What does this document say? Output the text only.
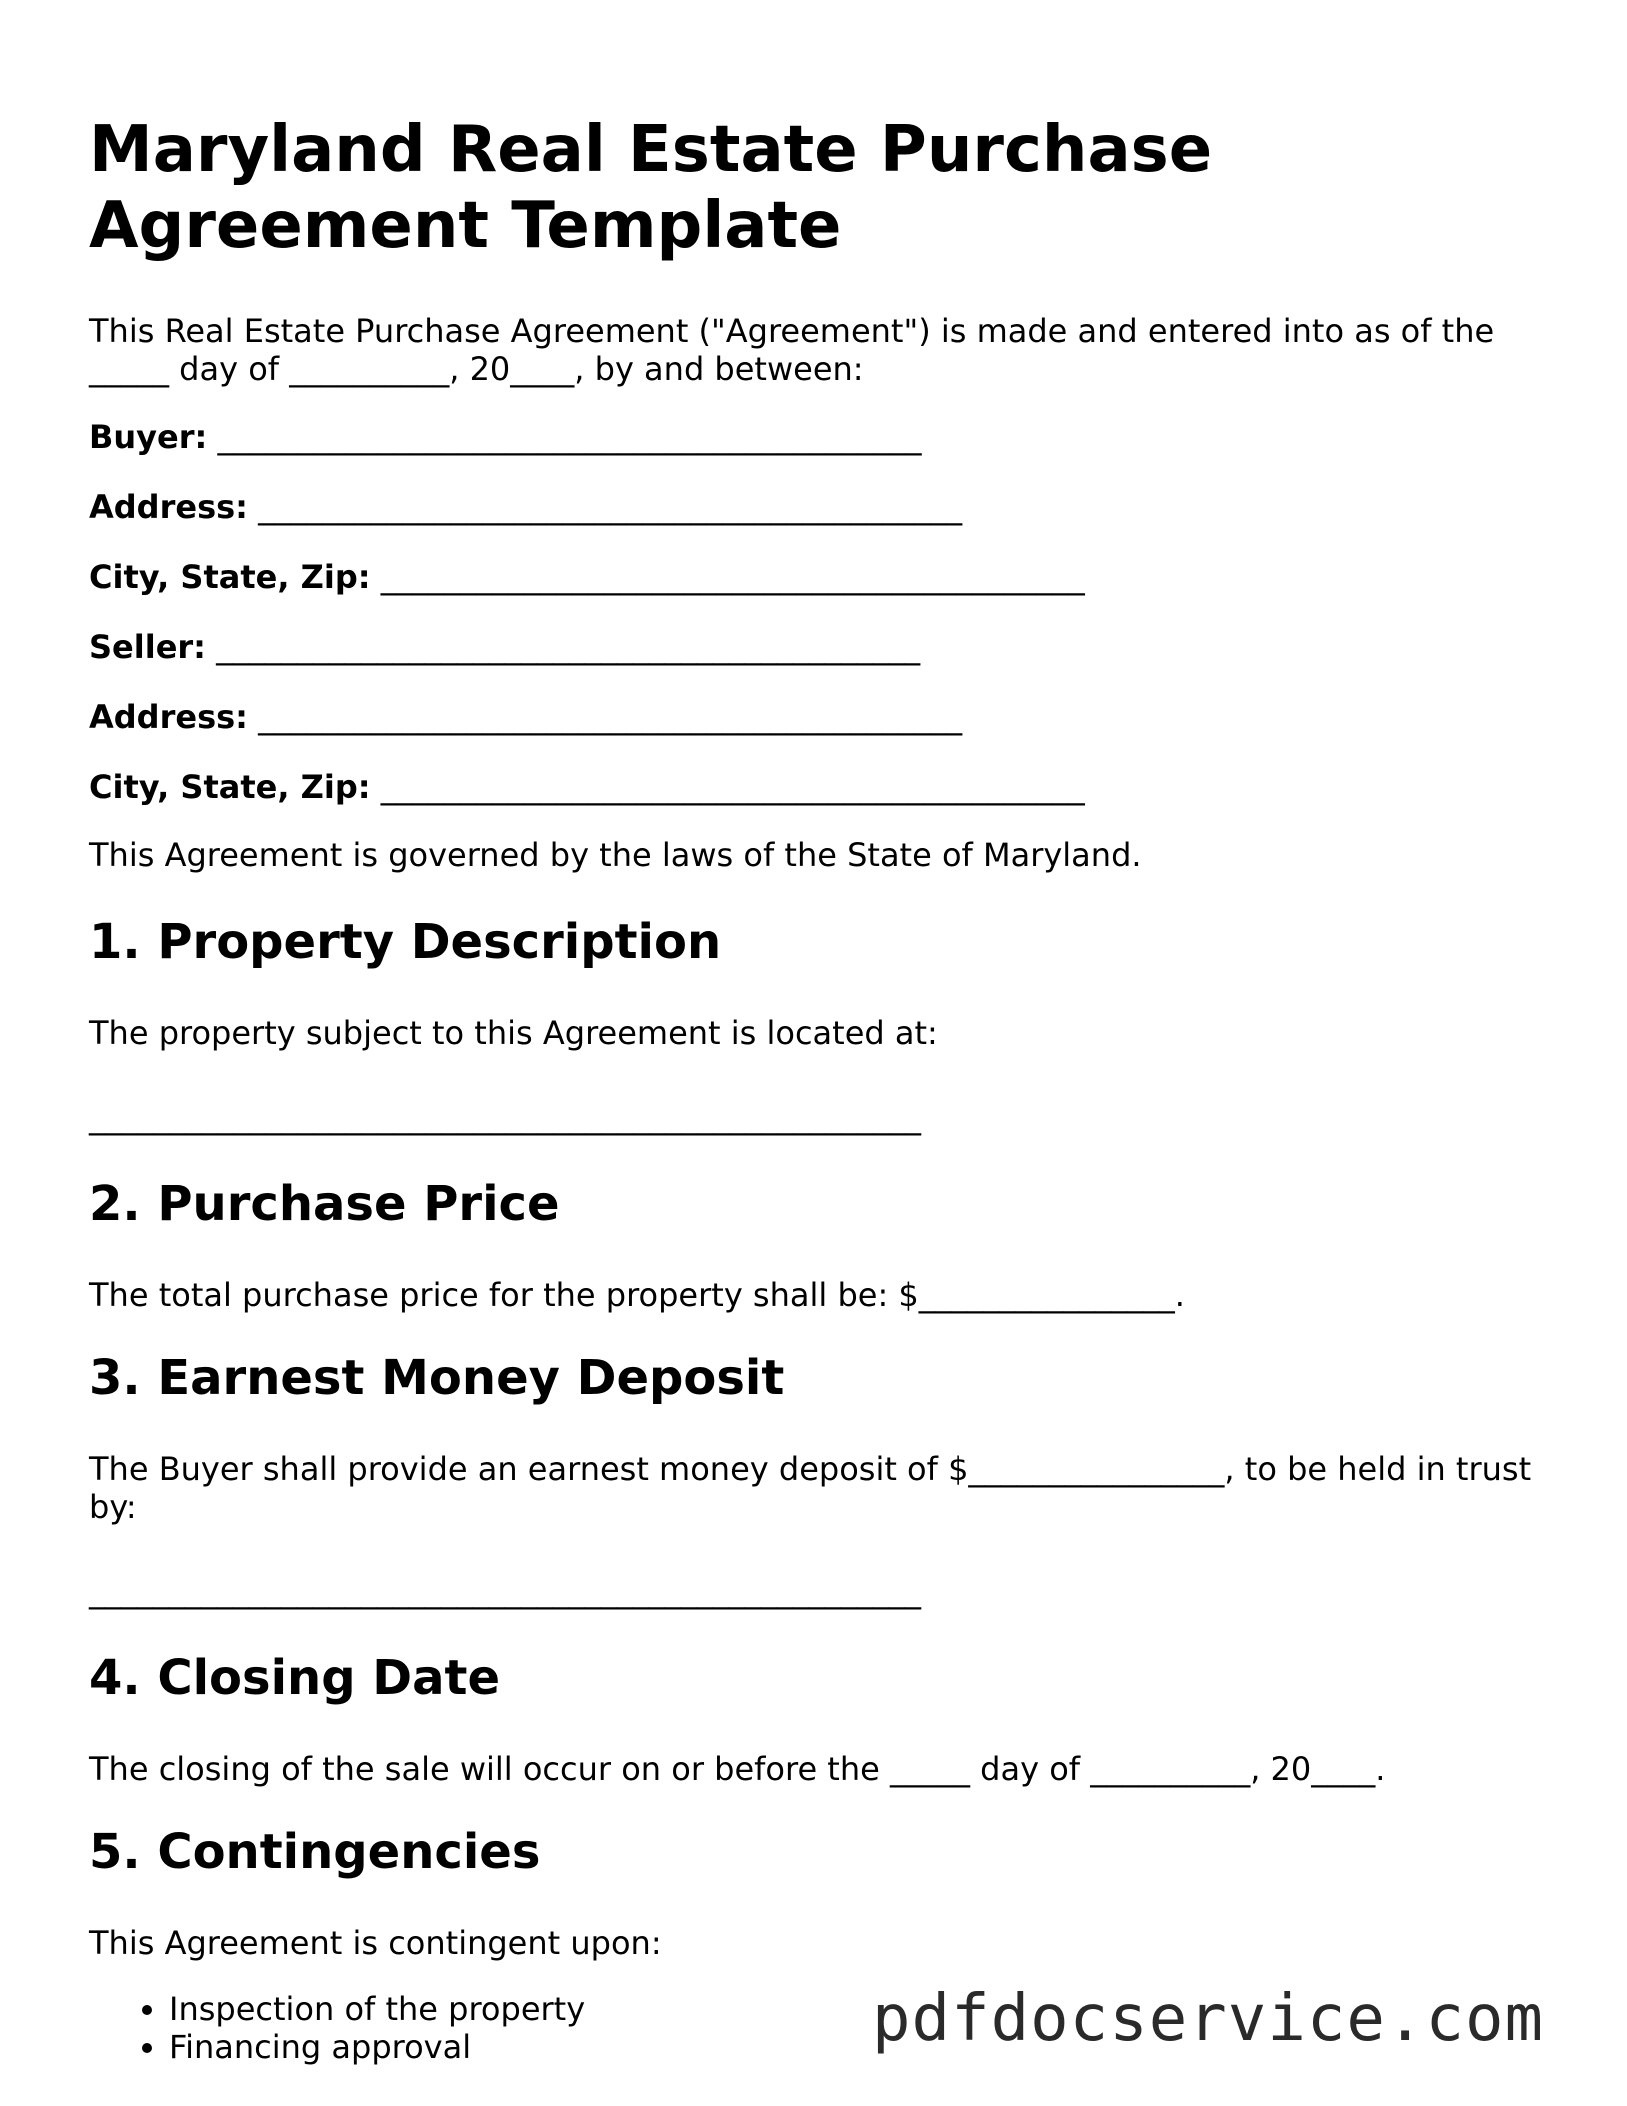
Maryland Real Estate Purchase Agreement Template

This Real Estate Purchase Agreement ("Agreement") is made and entered into as of the _____ day of __________, 20____, by and between:

Buyer: ____________________________________________
Address: ____________________________________________
City, State, Zip: ____________________________________________
Seller: ____________________________________________
Address: ____________________________________________
City, State, Zip: ____________________________________________

This Agreement is governed by the laws of the State of Maryland.

1. Property Description

The property subject to this Agreement is located at:

____________________________________________________
2. Purchase Price

The total purchase price for the property shall be: $________________.

3. Earnest Money Deposit

The Buyer shall provide an earnest money deposit of $________________, to be held in trust by:

____________________________________________________
4. Closing Date

The closing of the sale will occur on or before the _____ day of __________, 20____.

5. Contingencies

This Agreement is contingent upon:

• Inspection of the property
• Financing approval	pdfdocservice.com
